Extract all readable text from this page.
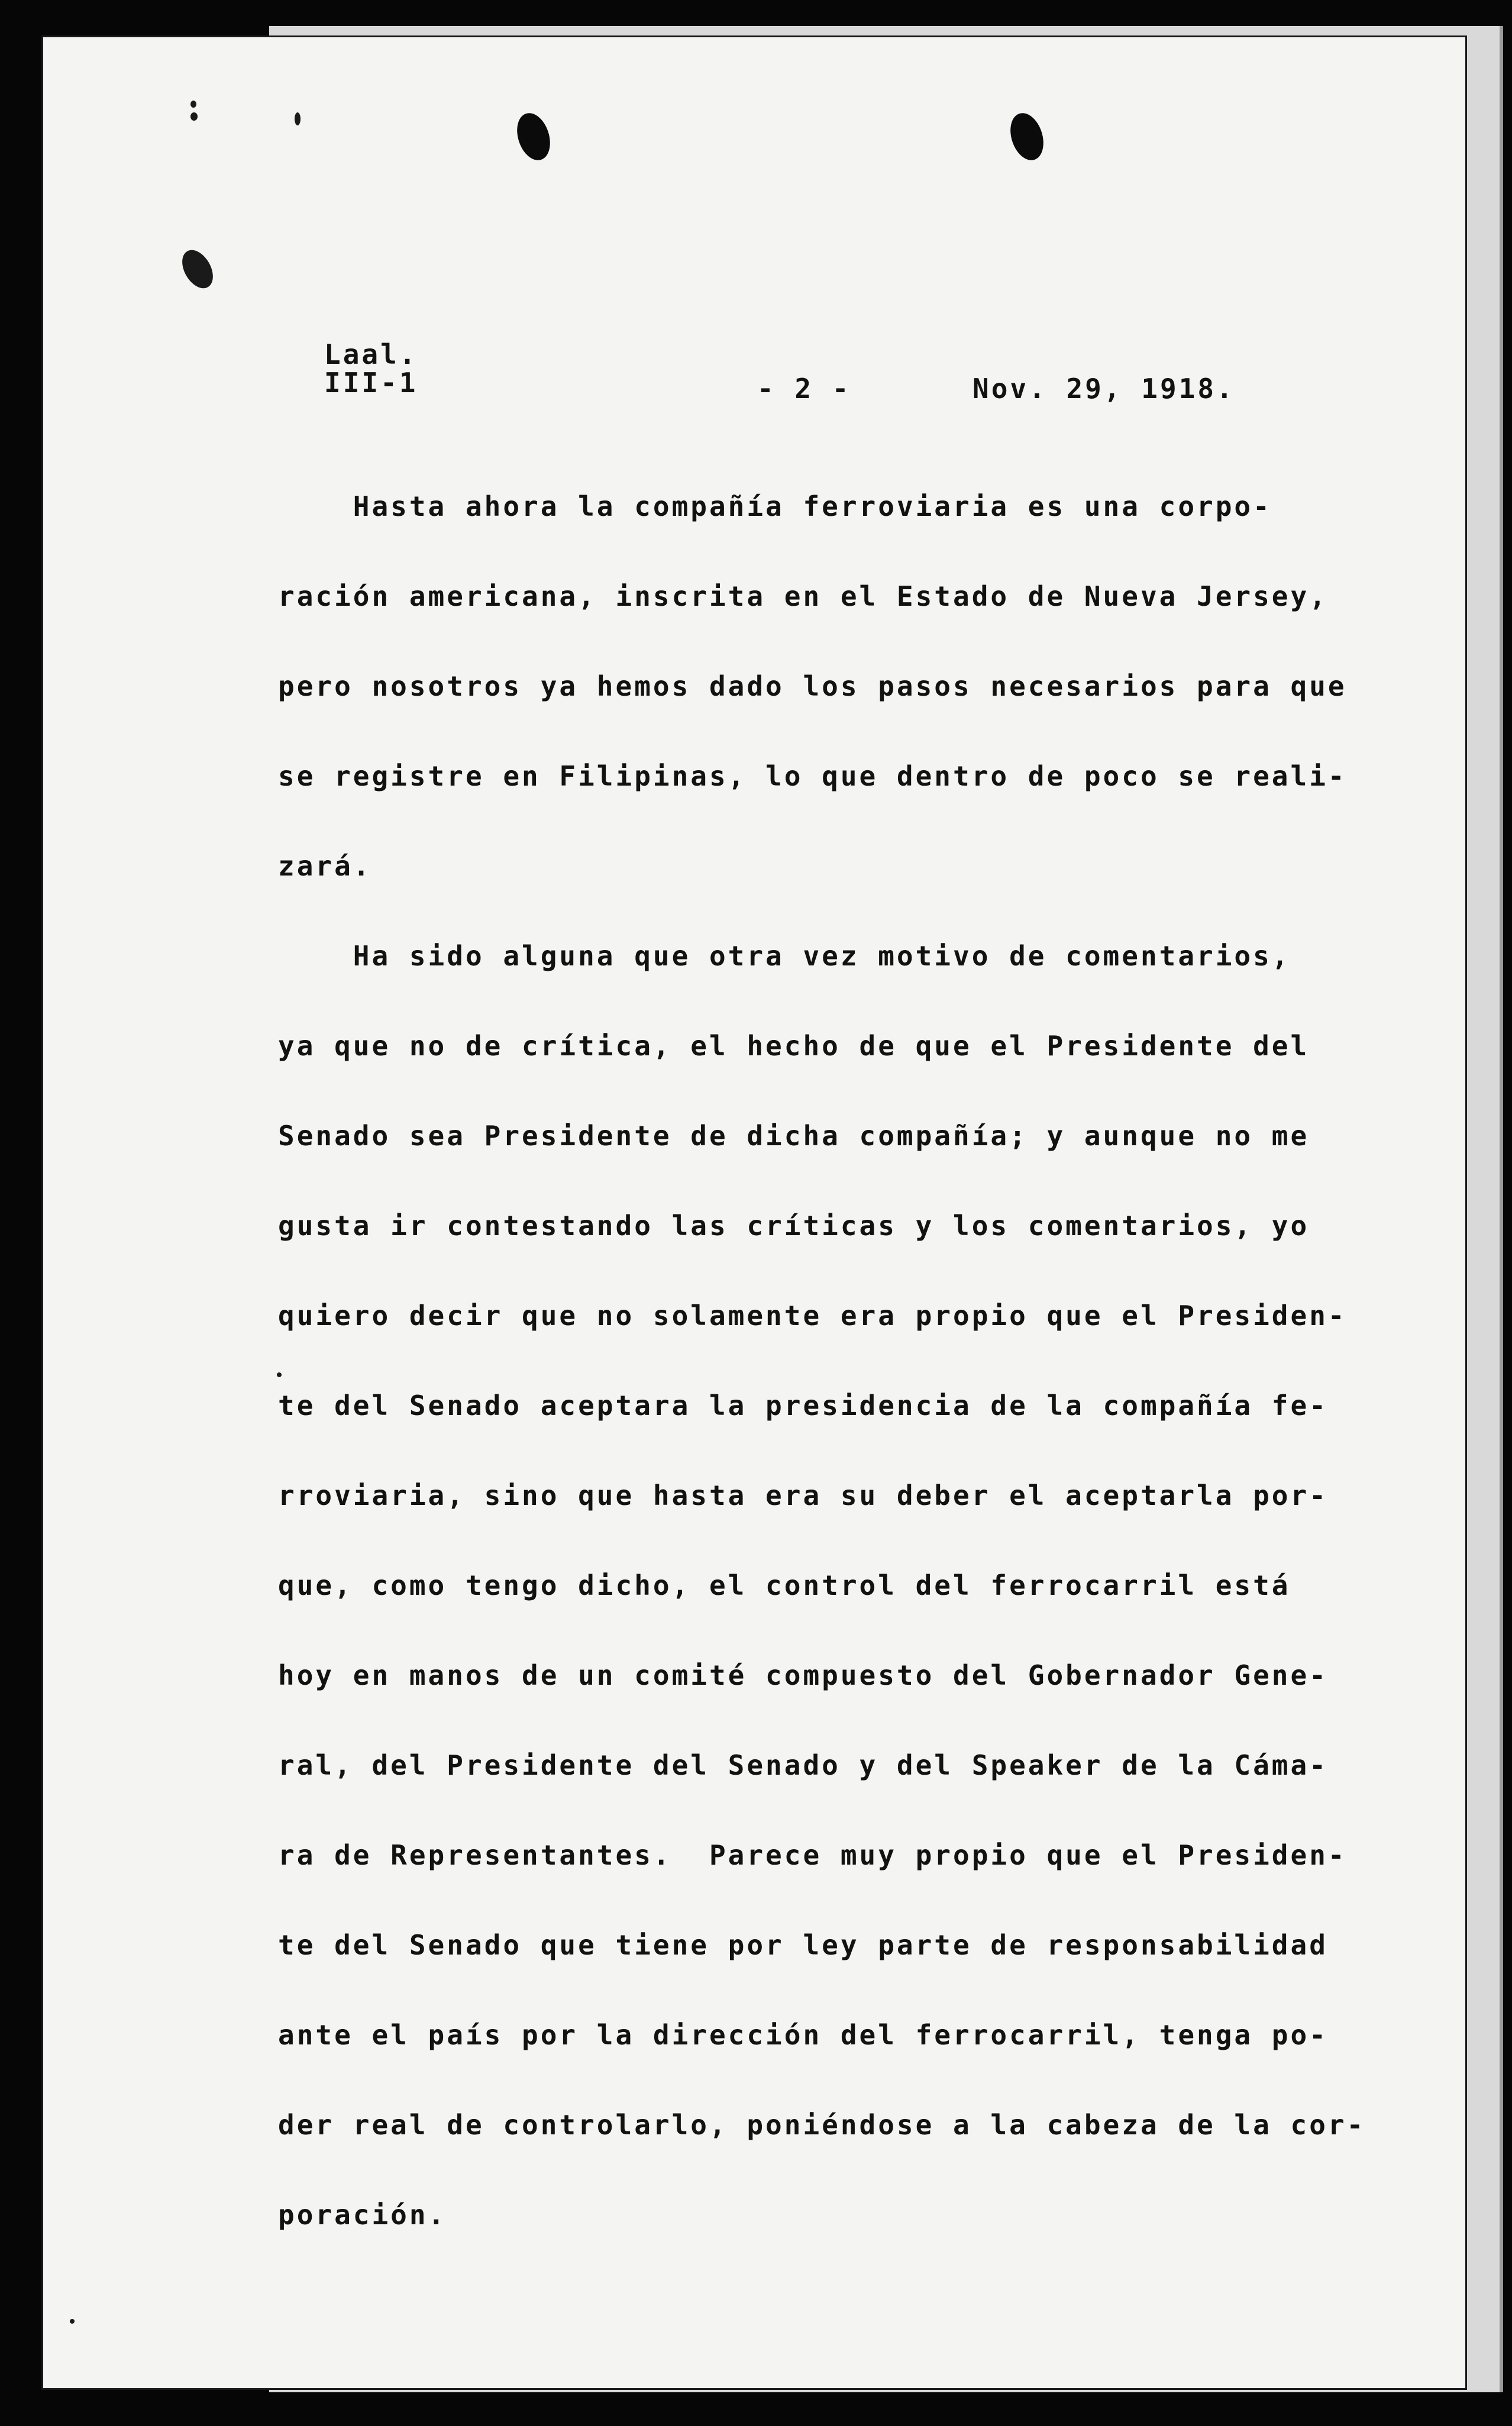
Laal.
III-1	- 2 -	Nov. 29, 1918.
Hasta ahora la compañía ferroviaria es una corpo-
ración americana, inscrita en el Estado de Nueva Jersey,
pero nosotros ya hemos dado los pasos necesarios para que
se registre en Filipinas, lo que dentro de poco se reali-
zará.
Ha sido alguna que otra vez motivo de comentarios,
ya que no de crítica, el hecho de que el Presidente del
Senado sea Presidente de dicha compañía; y aunque no me
gusta ir contestando las críticas y los comentarios, yo
quiero decir que no solamente era propio que el Presiden-
te del Senado aceptara la presidencia de la compañía fe-
rroviaria, sino que hasta era su deber el aceptarla por-
que, como tengo dicho, el control del ferrocarril está
hoy en manos de un comité compuesto del Gobernador Gene-
ral, del Presidente del Senado y del Speaker de la Cáma-
ra de Representantes.  Parece muy propio que el Presiden-
te del Senado que tiene por ley parte de responsabilidad
ante el país por la dirección del ferrocarril, tenga po-
der real de controlarlo, poniéndose a la cabeza de la cor-
poración.
